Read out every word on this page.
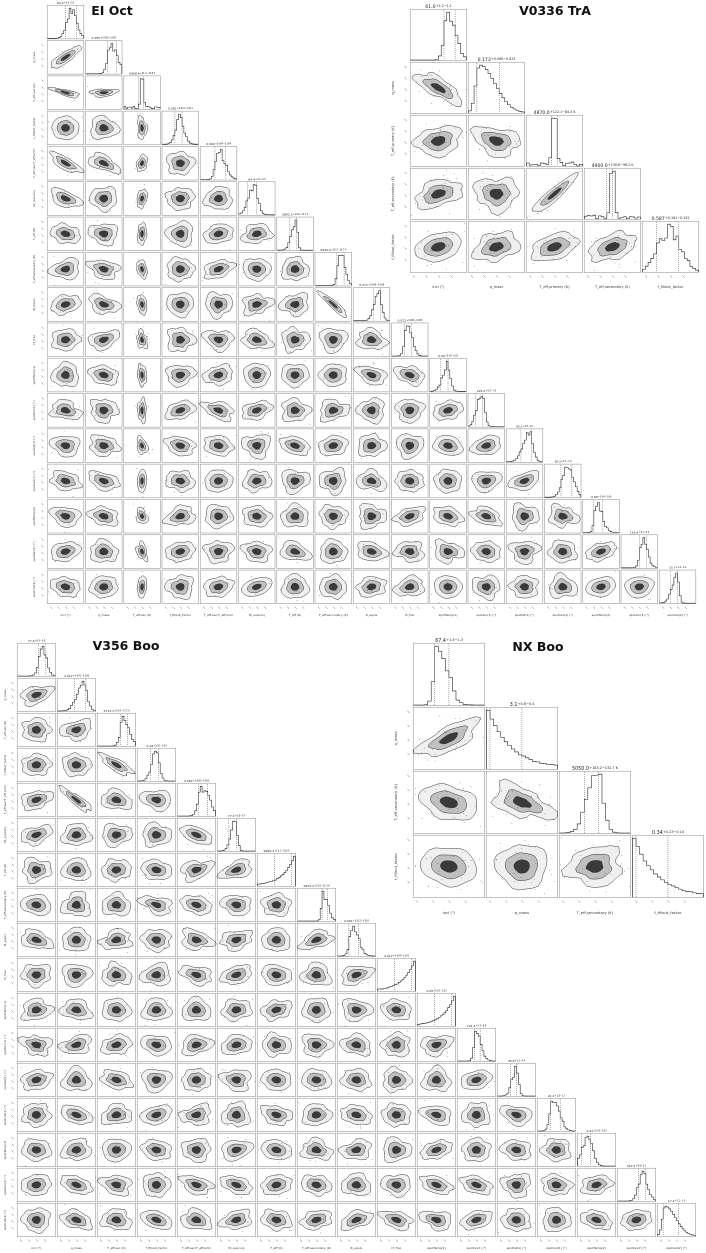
EI Oct	V0336 TrA
V356 Boo	NX Boo
